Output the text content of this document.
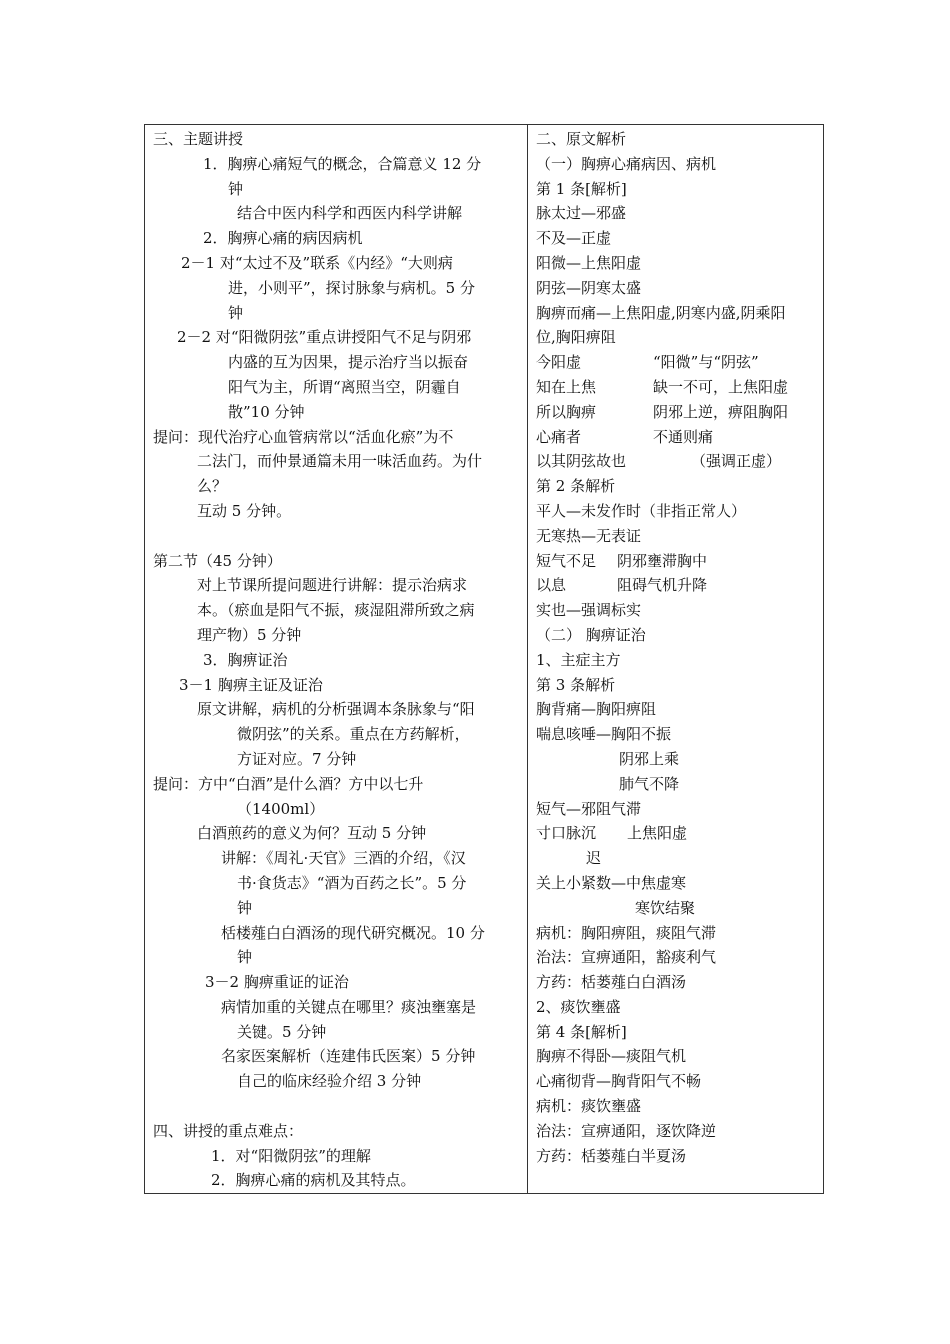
三、主题讲授
1．胸痹心痛短气的概念，合篇意义 12 分
钟
结合中医内科学和西医内科学讲解
2．胸痹心痛的病因病机
2－1 对“太过不及”联系《内经》“大则病
进，小则平”，探讨脉象与病机。5 分
钟
2－2 对“阳微阴弦”重点讲授阳气不足与阴邪
内盛的互为因果，提示治疗当以振奋
阳气为主，所谓“离照当空，阴霾自
散”10 分钟
提问：现代治疗心血管病常以“活血化瘀”为不
二法门，而仲景通篇未用一味活血药。为什
么？
互动 5 分钟。
第二节（45 分钟）
对上节课所提问题进行讲解：提示治病求
本。（瘀血是阳气不振，痰湿阻滞所致之病
理产物）5 分钟
3．胸痹证治
3－1 胸痹主证及证治
原文讲解，病机的分析强调本条脉象与“阳
微阴弦”的关系。重点在方药解析，
方证对应。7 分钟
提问：方中“白酒”是什么酒？方中以七升
（1400ml）
白酒煎药的意义为何？互动 5 分钟
讲解：《周礼·天官》三酒的介绍，《汉
书·食货志》“酒为百药之长”。5 分
钟
栝楼薤白白酒汤的现代研究概况。10 分
钟
3－2 胸痹重证的证治
病情加重的关键点在哪里？痰浊壅塞是
关键。5 分钟
名家医案解析（连建伟氏医案）5 分钟
自己的临床经验介绍 3 分钟
四、讲授的重点难点：
1．对“阳微阴弦”的理解
2．胸痹心痛的病机及其特点。
二、原文解析
（一）胸痹心痛病因、病机
第 1 条[解析]
脉太过—邪盛
不及—正虚
阳微—上焦阳虚
阴弦—阴寒太盛
胸痹而痛—上焦阳虚,阴寒内盛,阴乘阳
位,胸阳痹阻
今阳虚	“阳微”与“阴弦”
知在上焦	缺一不可，上焦阳虚
所以胸痹	阴邪上逆，痹阻胸阳
心痛者	不通则痛
以其阴弦故也	（强调正虚）
第 2 条解析
平人—未发作时（非指正常人）
无寒热—无表证
短气不足	阴邪壅滞胸中
以息	阻碍气机升降
实也—强调标实
（二） 胸痹证治
1、主症主方
第 3 条解析
胸背痛—胸阳痹阻
喘息咳唾—胸阳不振
阴邪上乘
肺气不降
短气—邪阻气滞
寸口脉沉	上焦阳虚
迟
关上小紧数—中焦虚寒
寒饮结聚
病机：胸阳痹阻，痰阻气滞
治法：宣痹通阳，豁痰利气
方药：栝蒌薤白白酒汤
2、痰饮壅盛
第 4 条[解析]
胸痹不得卧—痰阻气机
心痛彻背—胸背阳气不畅
病机：痰饮壅盛
治法：宣痹通阳，逐饮降逆
方药：栝蒌薤白半夏汤
